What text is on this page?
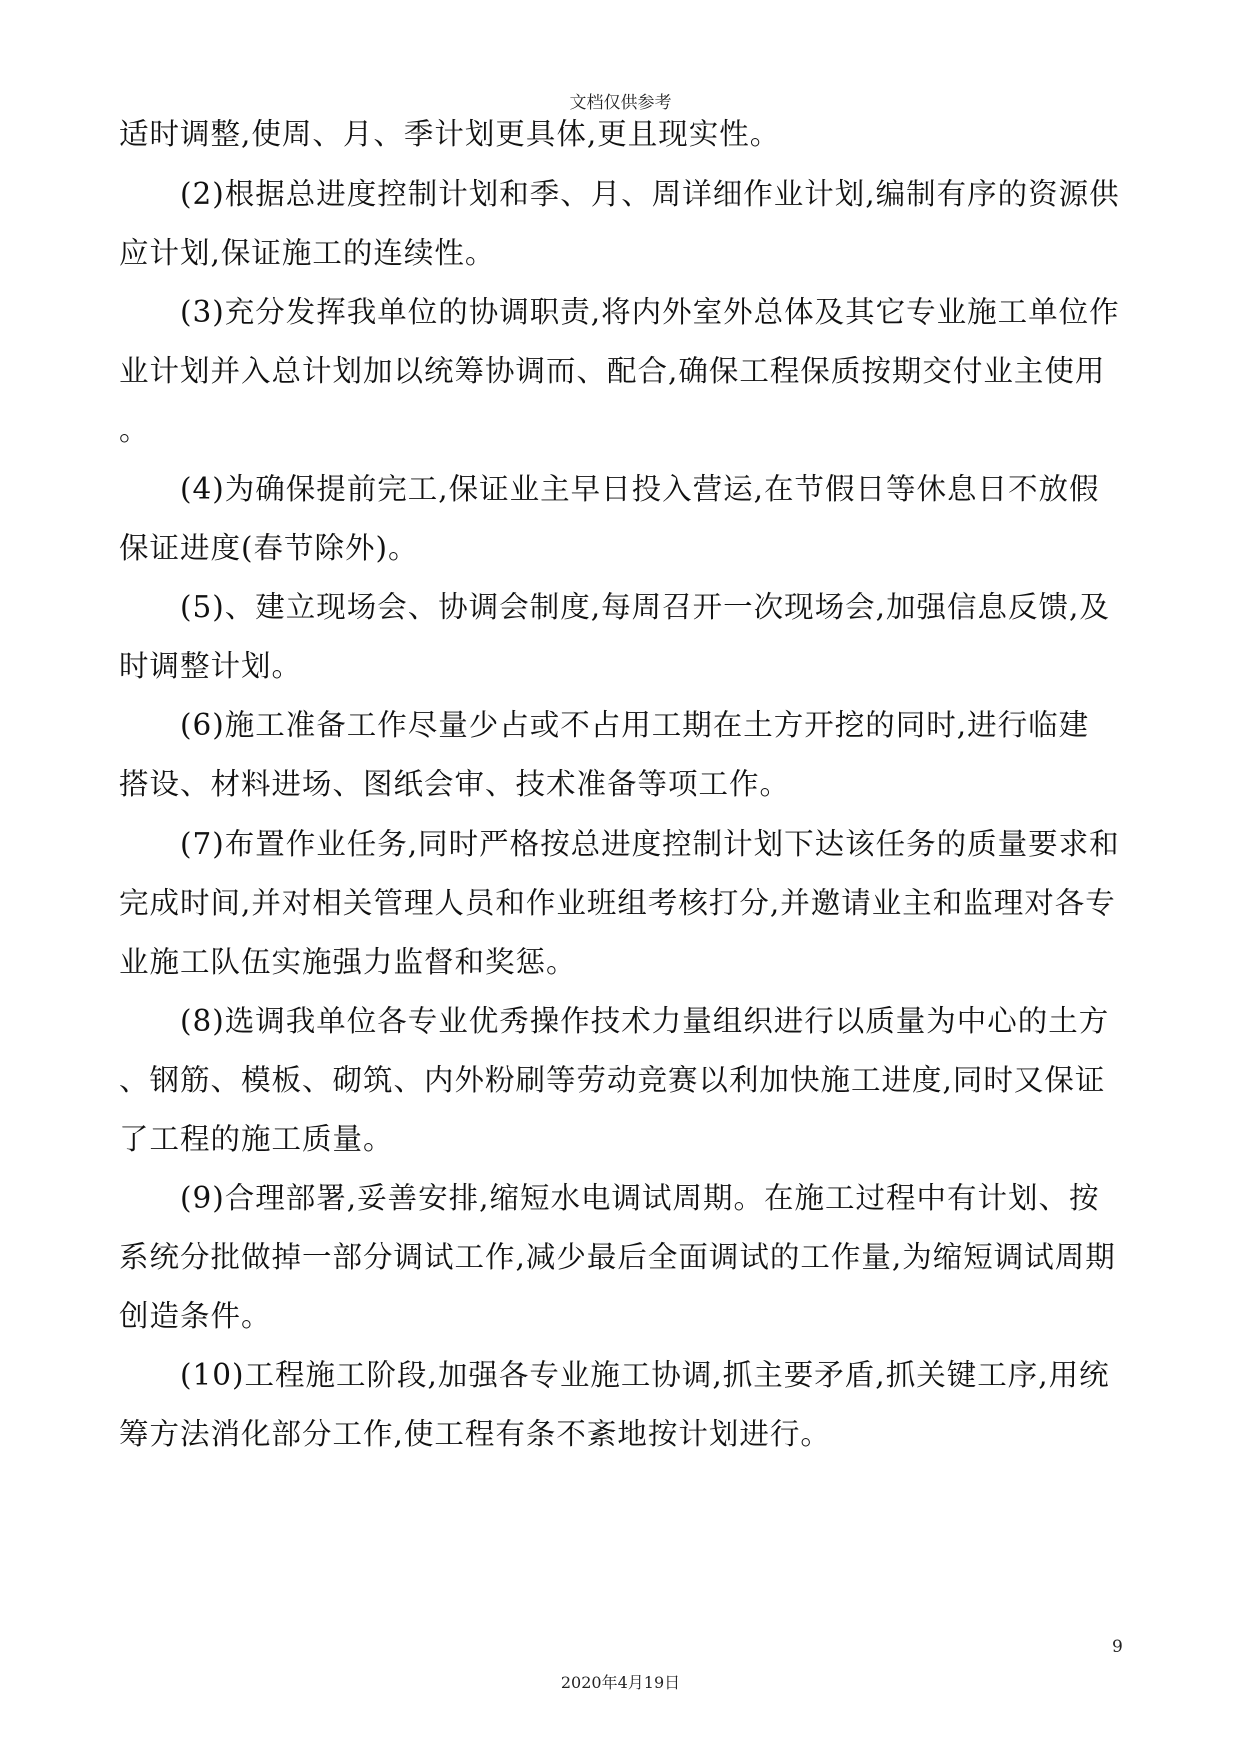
文档仅供参考
适时调整,使周、月、季计划更具体,更且现实性。
(2)根据总进度控制计划和季、月、周详细作业计划,编制有序的资源供
应计划,保证施工的连续性。
(3)充分发挥我单位的协调职责,将内外室外总体及其它专业施工单位作
业计划并入总计划加以统筹协调而、配合,确保工程保质按期交付业主使用
。
(4)为确保提前完工,保证业主早日投入营运,在节假日等休息日不放假
保证进度(春节除外)。
(5)、建立现场会、协调会制度,每周召开一次现场会,加强信息反馈,及
时调整计划。
(6)施工准备工作尽量少占或不占用工期在土方开挖的同时,进行临建
搭设、材料进场、图纸会审、技术准备等项工作。
(7)布置作业任务,同时严格按总进度控制计划下达该任务的质量要求和
完成时间,并对相关管理人员和作业班组考核打分,并邀请业主和监理对各专
业施工队伍实施强力监督和奖惩。
(8)选调我单位各专业优秀操作技术力量组织进行以质量为中心的土方
、钢筋、模板、砌筑、内外粉刷等劳动竞赛以利加快施工进度,同时又保证
了工程的施工质量。
(9)合理部署,妥善安排,缩短水电调试周期。在施工过程中有计划、按
系统分批做掉一部分调试工作,减少最后全面调试的工作量,为缩短调试周期
创造条件。
(10)工程施工阶段,加强各专业施工协调,抓主要矛盾,抓关键工序,用统
筹方法消化部分工作,使工程有条不紊地按计划进行。
9
2020年4月19日
